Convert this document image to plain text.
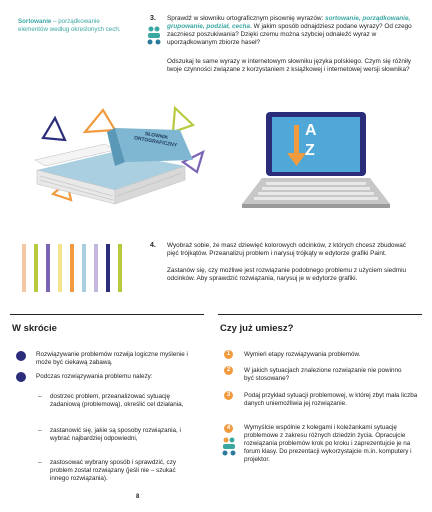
Sortowanie – porządkowanie elementów według określonych cech.
3. Sprawdź w słowniku ortograficznym pisownię wyrazów: sortowanie, porządkowanie, grupowanie, podział, cecha. W jakim sposób odnajdziesz podane wyrazy? Od czego zaczniesz poszukiwania? Dzięki czemu można szybciej odnaleźć wyraz w uporządkowanym zbiorze haseł?
Odszukaj te same wyrazy w internetowym słowniku języka polskiego. Czym się różniły twoje czynności związane z korzystaniem z książkowej i internetowej wersji słownika?
SŁOWNIK ORTOGRAFICZNY
A
Z
4. Wyobraź sobie, że masz dziewięć kolorowych odcinków, z których chcesz zbudować pięć trójkątów. Przeanalizuj problem i narysuj trójkąty w edytorze grafiki Paint.
Zastanów się, czy możliwe jest rozwiązanie podobnego problemu z użyciem siedmiu odcinków. Aby sprawdzić rozwiązania, narysuj je w edytorze grafiki.
W skrócie
Rozwiązywanie problemów rozwija logiczne myślenie i może być ciekawą zabawą.
Podczas rozwiązywania problemu należy:
– dostrzec problem, przeanalizować sytuację zadaniową (problemową), określić cel działania,
– zastanowić się, jakie są sposoby rozwiązania, i wybrać najbardziej odpowiedni,
– zastosować wybrany sposób i sprawdzić, czy problem został rozwiązany (jeśli nie – szukać innego rozwiązania).
Czy już umiesz?
1	Wymień etapy rozwiązywania problemów.
2	W jakich sytuacjach znalezione rozwiązanie nie powinno być stosowane?
3	Podaj przykład sytuacji problemowej, w której zbyt mała liczba danych uniemożliwia jej rozwiązanie.
4	Wymyślcie wspólnie z kolegami i koleżankami sytuację problemowe z zakresu różnych dziedzin życia. Opracujcie rozwiązania problemów krok po kroku i zaprezentujcie je na forum klasy. Do prezentacji wykorzystajcie m.in. komputery i projektor.
8
